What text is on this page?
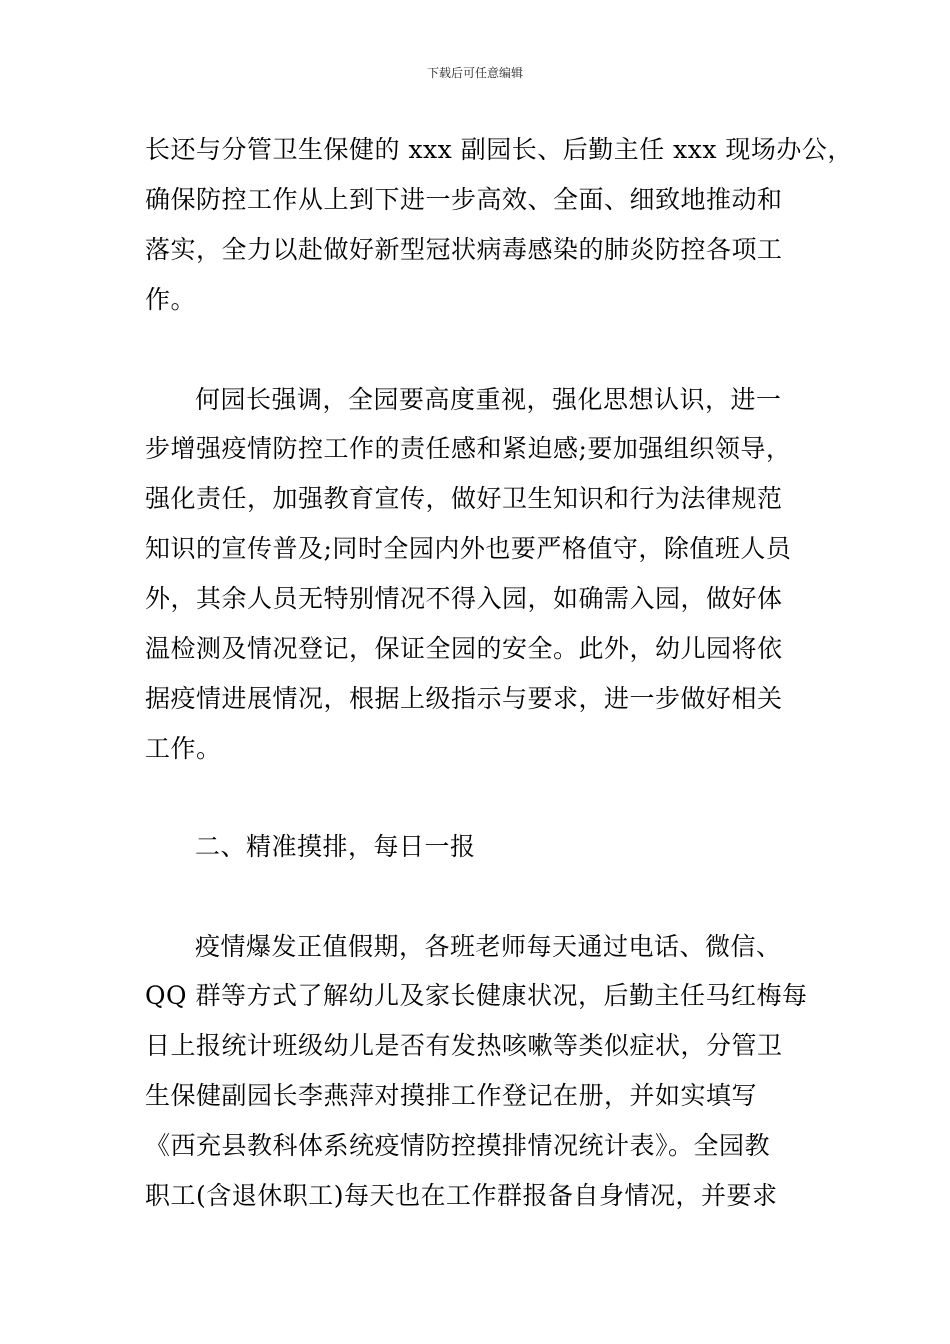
下载后可任意编辑
长还与分管卫生保健的 xxx 副园长、后勤主任 xxx 现场办公，
确保防控工作从上到下进一步高效、全面、细致地推动和
落实，全力以赴做好新型冠状病毒感染的肺炎防控各项工
作。
何园长强调，全园要高度重视，强化思想认识，进一
步增强疫情防控工作的责任感和紧迫感;要加强组织领导，
强化责任，加强教育宣传，做好卫生知识和行为法律规范
知识的宣传普及;同时全园内外也要严格值守，除值班人员
外，其余人员无特别情况不得入园，如确需入园，做好体
温检测及情况登记，保证全园的安全。此外，幼儿园将依
据疫情进展情况，根据上级指示与要求，进一步做好相关
工作。
二、精准摸排，每日一报
疫情爆发正值假期，各班老师每天通过电话、微信、
QQ 群等方式了解幼儿及家长健康状况，后勤主任马红梅每
日上报统计班级幼儿是否有发热咳嗽等类似症状，分管卫
生保健副园长李燕萍对摸排工作登记在册，并如实填写
《西充县教科体系统疫情防控摸排情况统计表》。全园教
职工(含退休职工)每天也在工作群报备自身情况，并要求
